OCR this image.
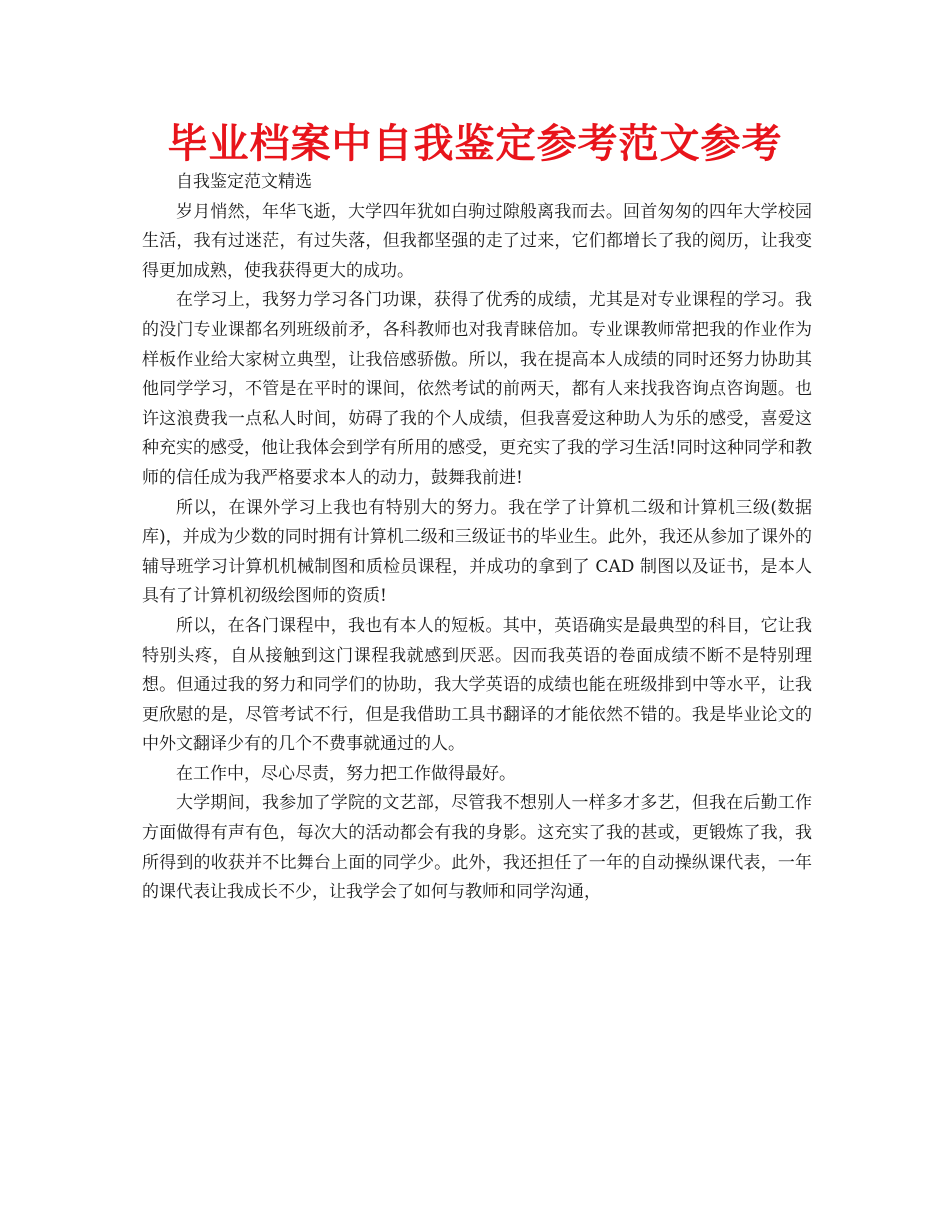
毕业档案中自我鉴定参考范文参考

自我鉴定范文精选

岁月悄然，年华飞逝，大学四年犹如白驹过隙般离我而去。回首匆匆的四年大学校园生活，我有过迷茫，有过失落，但我都坚强的走了过来，它们都增长了我的阅历，让我变得更加成熟，使我获得更大的成功。

在学习上，我努力学习各门功课，获得了优秀的成绩，尤其是对专业课程的学习。我的没门专业课都名列班级前矛，各科教师也对我青睐倍加。专业课教师常把我的作业作为样板作业给大家树立典型，让我倍感骄傲。所以，我在提高本人成绩的同时还努力协助其他同学学习，不管是在平时的课间，依然考试的前两天，都有人来找我咨询点咨询题。也许这浪费我一点私人时间，妨碍了我的个人成绩，但我喜爱这种助人为乐的感受，喜爱这种充实的感受，他让我体会到学有所用的感受，更充实了我的学习生活!同时这种同学和教师的信任成为我严格要求本人的动力，鼓舞我前进!

所以，在课外学习上我也有特别大的努力。我在学了计算机二级和计算机三级(数据库)，并成为少数的同时拥有计算机二级和三级证书的毕业生。此外，我还从参加了课外的辅导班学习计算机机械制图和质检员课程，并成功的拿到了 CAD 制图以及证书，是本人具有了计算机初级绘图师的资质!

所以，在各门课程中，我也有本人的短板。其中，英语确实是最典型的科目，它让我特别头疼，自从接触到这门课程我就感到厌恶。因而我英语的卷面成绩不断不是特别理想。但通过我的努力和同学们的协助，我大学英语的成绩也能在班级排到中等水平，让我更欣慰的是，尽管考试不行，但是我借助工具书翻译的才能依然不错的。我是毕业论文的中外文翻译少有的几个不费事就通过的人。

在工作中，尽心尽责，努力把工作做得最好。

大学期间，我参加了学院的文艺部，尽管我不想别人一样多才多艺，但我在后勤工作方面做得有声有色，每次大的活动都会有我的身影。这充实了我的甚或，更锻炼了我，我所得到的收获并不比舞台上面的同学少。此外，我还担任了一年的自动操纵课代表，一年的课代表让我成长不少，让我学会了如何与教师和同学沟通，
